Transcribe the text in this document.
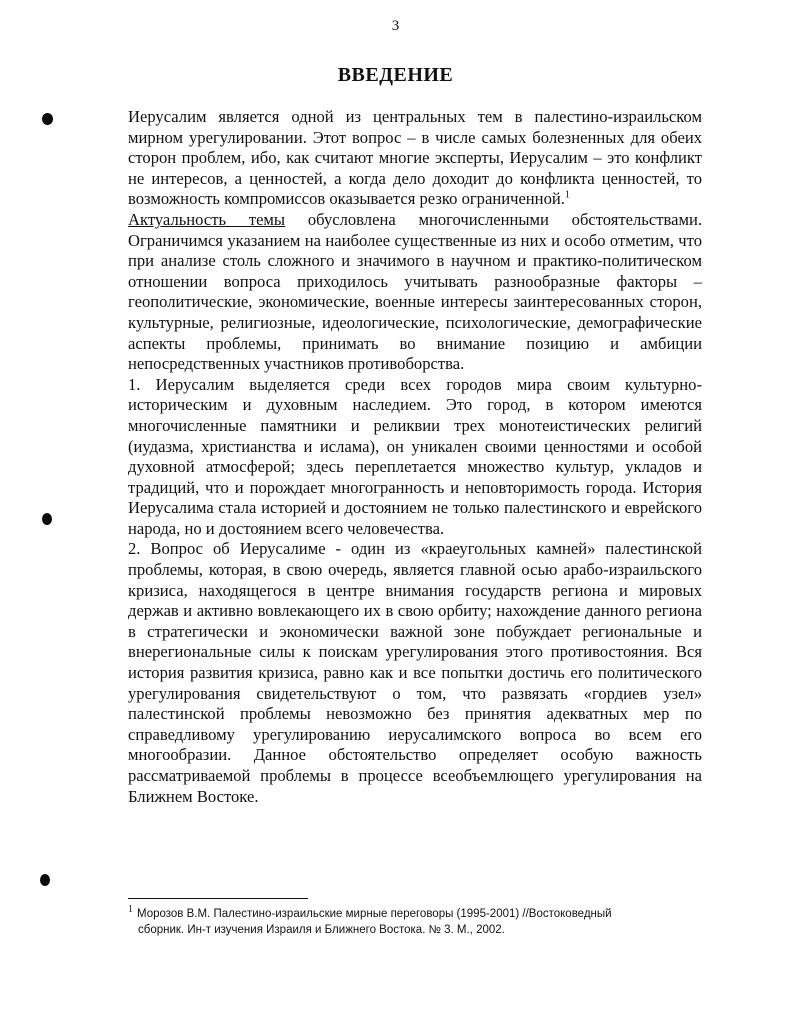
3
ВВЕДЕНИЕ

Иерусалим является одной из центральных тем в палестино-израильском мирном урегулировании. Этот вопрос – в числе самых болезненных для обеих сторон проблем, ибо, как считают многие эксперты, Иерусалим – это конфликт не интересов, а ценностей, а когда дело доходит до конфликта ценностей, то возможность компромиссов оказывается резко ограниченной.$^1$

Актуальность темы обусловлена многочисленными обстоятельствами. Ограничимся указанием на наиболее существенные из них и особо отметим, что при анализе столь сложного и значимого в научном и практико-политическом отношении вопроса приходилось учитывать разнообразные факторы – геополитические, экономические, военные интересы заинтересованных сторон, культурные, религиозные, идеологические, психологические, демографические аспекты проблемы, принимать во внимание позицию и амбиции непосредственных участников противоборства.

1. Иерусалим выделяется среди всех городов мира своим культурно-историческим и духовным наследием. Это город, в котором имеются многочисленные памятники и реликвии трех монотеистических религий (иудазма, христианства и ислама), он уникален своими ценностями и особой духовной атмосферой; здесь переплетается множество культур, укладов и традиций, что и порождает многогранность и неповторимость города. История Иерусалима стала историей и достоянием не только палестинского и еврейского народа, но и достоянием всего человечества.

2. Вопрос об Иерусалиме - один из «краеугольных камней» палестинской проблемы, которая, в свою очередь, является главной осью арабо-израильского кризиса, находящегося в центре внимания государств региона и мировых держав и активно вовлекающего их в свою орбиту; нахождение данного региона в стратегически и экономически важной зоне побуждает региональные и внерегиональные силы к поискам урегулирования этого противостояния. Вся история развития кризиса, равно как и все попытки достичь его политического урегулирования свидетельствуют о том, что развязать «гордиев узел» палестинской проблемы невозможно без принятия адекватных мер по справедливому урегулированию иерусалимского вопроса во всем его многообразии. Данное обстоятельство определяет особую важность рассматриваемой проблемы в процессе всеобъемлющего урегулирования на Ближнем Востоке.

1 Морозов В.М. Палестино-израильские мирные переговоры (1995-2001) //Востоковедный
сборник. Ин-т изучения Израиля и Ближнего Востока. № 3. М., 2002.
